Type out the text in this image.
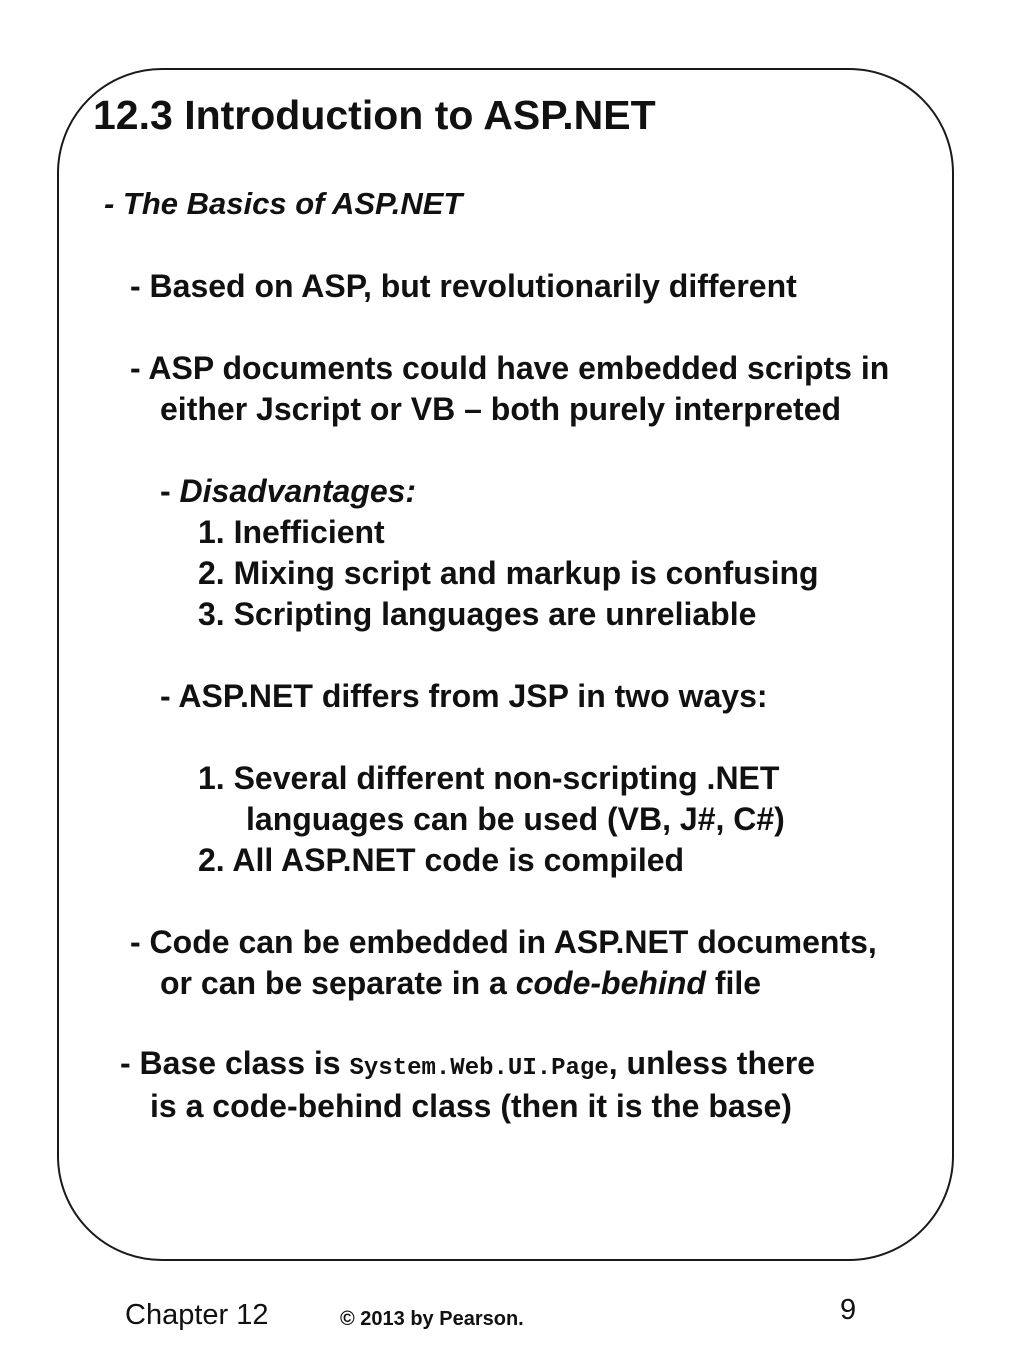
12.3 Introduction to ASP.NET
- The Basics of ASP.NET
- Based on ASP, but revolutionarily different
- ASP documents could have embedded scripts in
either Jscript or VB – both purely interpreted
- Disadvantages:
1. Inefficient
2. Mixing script and markup is confusing
3. Scripting languages are unreliable
- ASP.NET differs from JSP in two ways:
1. Several different non-scripting .NET
languages can be used (VB, J#, C#)
2. All ASP.NET code is compiled
- Code can be embedded in ASP.NET documents,
or can be separate in a code-behind file
- Base class is System.Web.UI.Page, unless there
is a code-behind class (then it is the base)
Chapter 12	© 2013 by Pearson.	9
